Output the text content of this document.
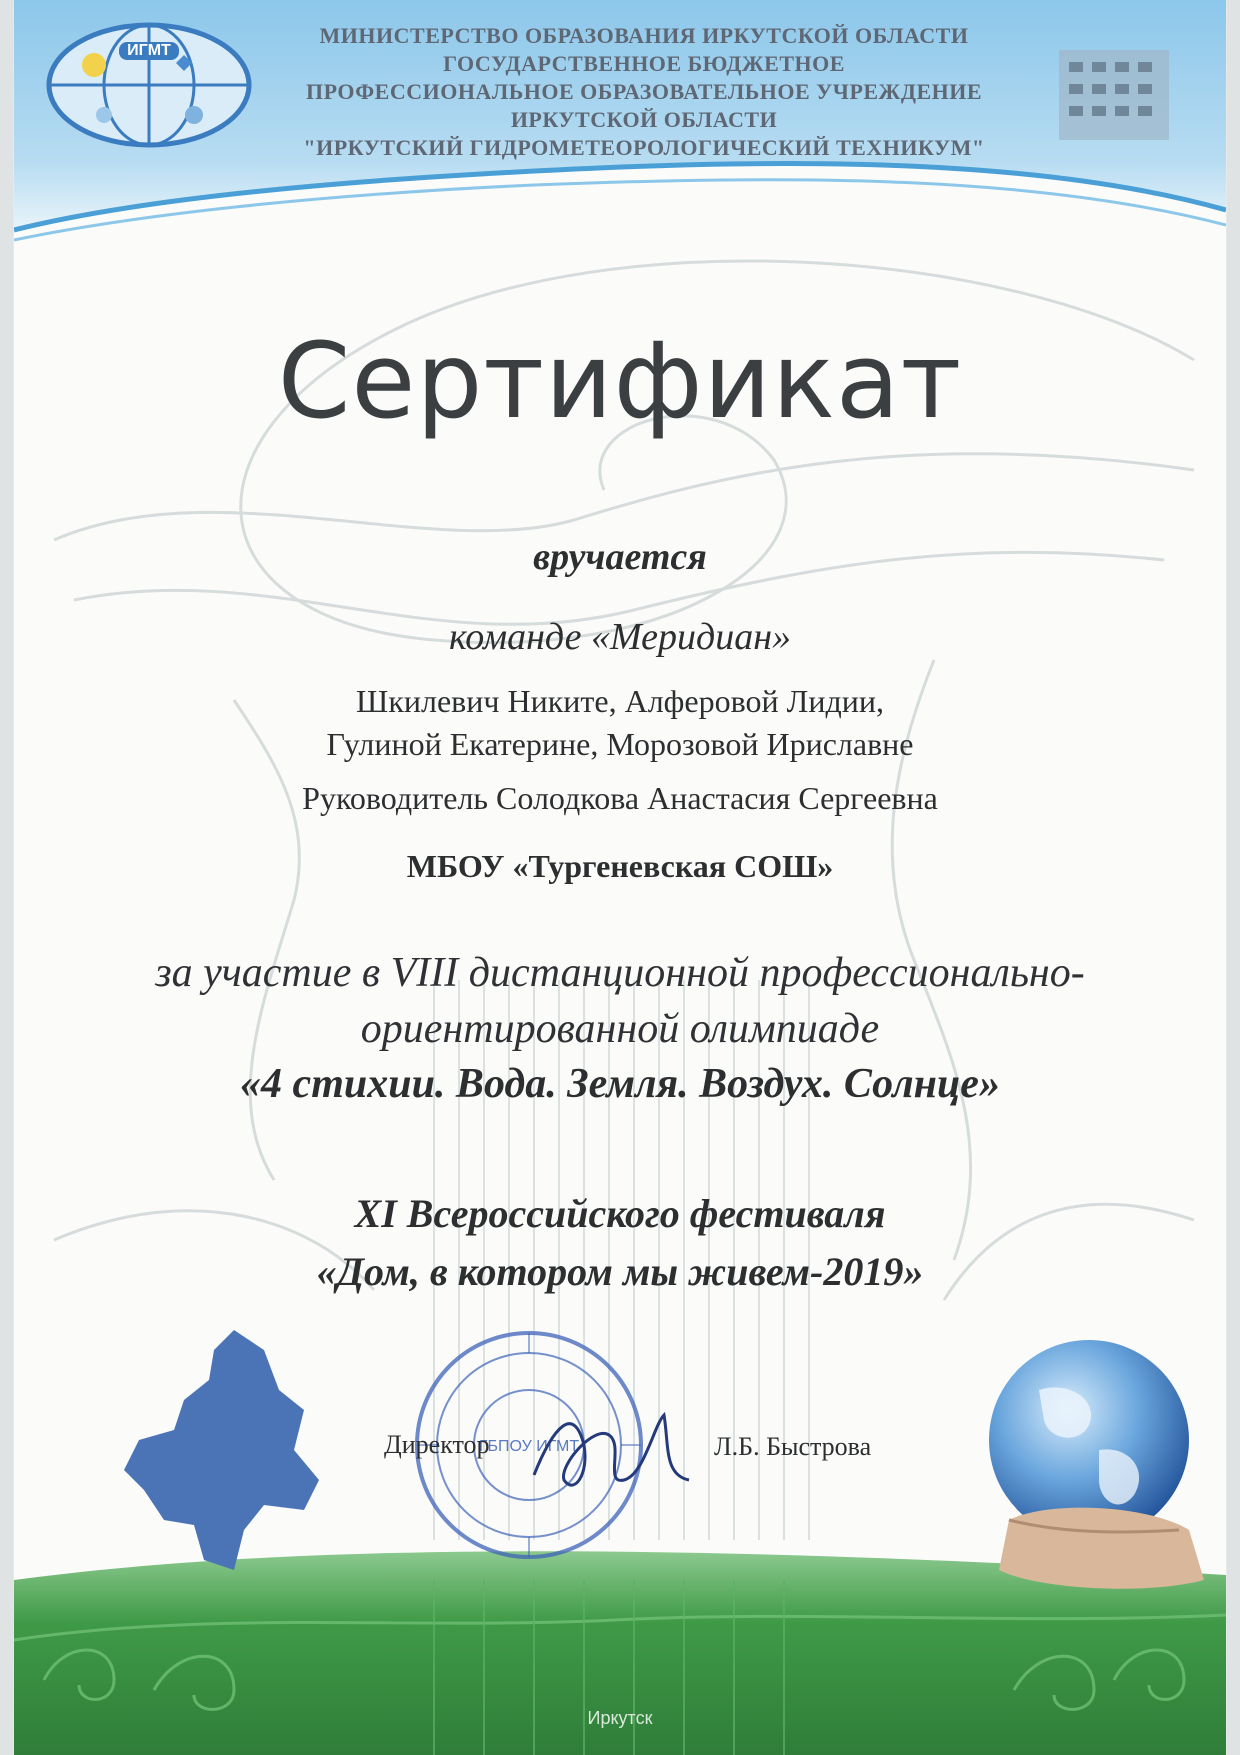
ИГМТ
МИНИСТЕРСТВО ОБРАЗОВАНИЯ ИРКУТСКОЙ ОБЛАСТИ
ГОСУДАРСТВЕННОЕ БЮДЖЕТНОЕ
ПРОФЕССИОНАЛЬНОЕ ОБРАЗОВАТЕЛЬНОЕ УЧРЕЖДЕНИЕ
ИРКУТСКОЙ ОБЛАСТИ
"ИРКУТСКИЙ ГИДРОМЕТЕОРОЛОГИЧЕСКИЙ ТЕХНИКУМ"
Сертификат
вручается
команде «Меридиан»
Шкилевич Никите, Алферовой Лидии,
Гулиной Екатерине, Морозовой Ириславне
Руководитель Солодкова Анастасия Сергеевна
МБОУ «Тургеневская СОШ»
за участие в VIII дистанционной профессионально-
ориентированной олимпиаде
«4 стихии. Вода. Земля. Воздух. Солнце»
XI Всероссийского фестиваля
«Дом, в котором мы живем-2019»
Иркутск
ГБПОУ ИГМТ
Директор	Л.Б. Быстрова
